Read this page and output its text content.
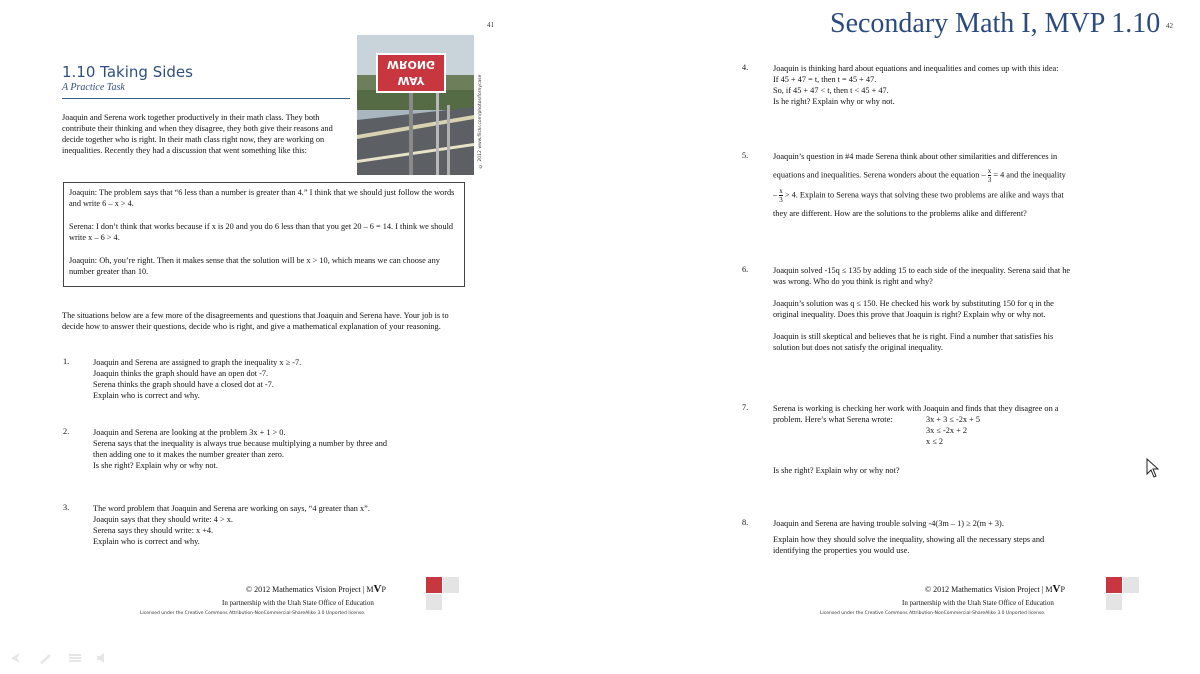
Secondary Math I, MVP 1.10
41
1.10 Taking Sides
A Practice Task
WRONG
WAY	© 2012 www.flickr.com/photos/fornycase
Joaquin and Serena work together productively in their math class. They both contribute their thinking and when they disagree, they both give their reasons and decide together who is right. In their math class right now, they are working on inequalities. Recently they had a discussion that went something like this:
Joaquin: The problem says that “6 less than a number is greater than 4.” I think that we should just follow the words and write 6 – x > 4.
Serena: I don’t think that works because if x is 20 and you do 6 less than that you get 20 – 6 = 14. I think we should write x – 6 > 4.
Joaquin: Oh, you’re right. Then it makes sense that the solution will be x > 10, which means we can choose any number greater than 10.
The situations below are a few more of the disagreements and questions that Joaquin and Serena have. Your job is to decide how to answer their questions, decide who is right, and give a mathematical explanation of your reasoning.
1.	Joaquin and Serena are assigned to graph the inequality x ≥ -7.
Joaquin thinks the graph should have an open dot -7.
Serena thinks the graph should have a closed dot at -7.
Explain who is correct and why.
2.	Joaquin and Serena are looking at the problem 3x + 1 > 0.
Serena says that the inequality is always true because multiplying a number by three and
then adding one to it makes the number greater than zero.
Is she right? Explain why or why not.
3.	The word problem that Joaquin and Serena are working on says, “4 greater than x”.
Joaquin says that they should write: 4 > x.
Serena says they should write: x +4.
Explain who is correct and why.
© 2012 Mathematics Vision Project | MVP
In partnership with the Utah State Office of Education
Licensed under the Creative Commons Attribution-NonCommercial-ShareAlike 3.0 Unported license.
42
4.	Joaquin is thinking hard about equations and inequalities and comes up with this idea:
If 45 + 47 = t, then t = 45 + 47.
So, if 45 + 47 < t, then t < 45 + 47.
Is he right? Explain why or why not.
5.	Joaquin’s question in #4 made Serena think about other similarities and differences in
equations and inequalities. Serena wonders about the equation – $\frac{x}{3} = 4$ and the inequality
– $\frac{x}{3} > 4$. Explain to Serena ways that solving these two problems are alike and ways that
they are different. How are the solutions to the problems alike and different?
6.	Joaquin solved -15q ≤ 135 by adding 15 to each side of the inequality. Serena said that he
was wrong. Who do you think is right and why?
Joaquin’s solution was q ≤ 150. He checked his work by substituting 150 for q in the
original inequality. Does this prove that Joaquin is right? Explain why or why not.
Joaquin is still skeptical and believes that he is right. Find a number that satisfies his
solution but does not satisfy the original inequality.
7.	Serena is working is checking her work with Joaquin and finds that they disagree on a
problem. Here’s what Serena wrote:	3x + 3 ≤ -2x + 5
3x ≤ -2x + 2
x ≤ 2
Is she right? Explain why or why not?
8.	Joaquin and Serena are having trouble solving -4(3m – 1) ≥ 2(m + 3).
Explain how they should solve the inequality, showing all the necessary steps and
identifying the properties you would use.
© 2012 Mathematics Vision Project | MVP
In partnership with the Utah State Office of Education
Licensed under the Creative Commons Attribution-NonCommercial-ShareAlike 3.0 Unported license.
